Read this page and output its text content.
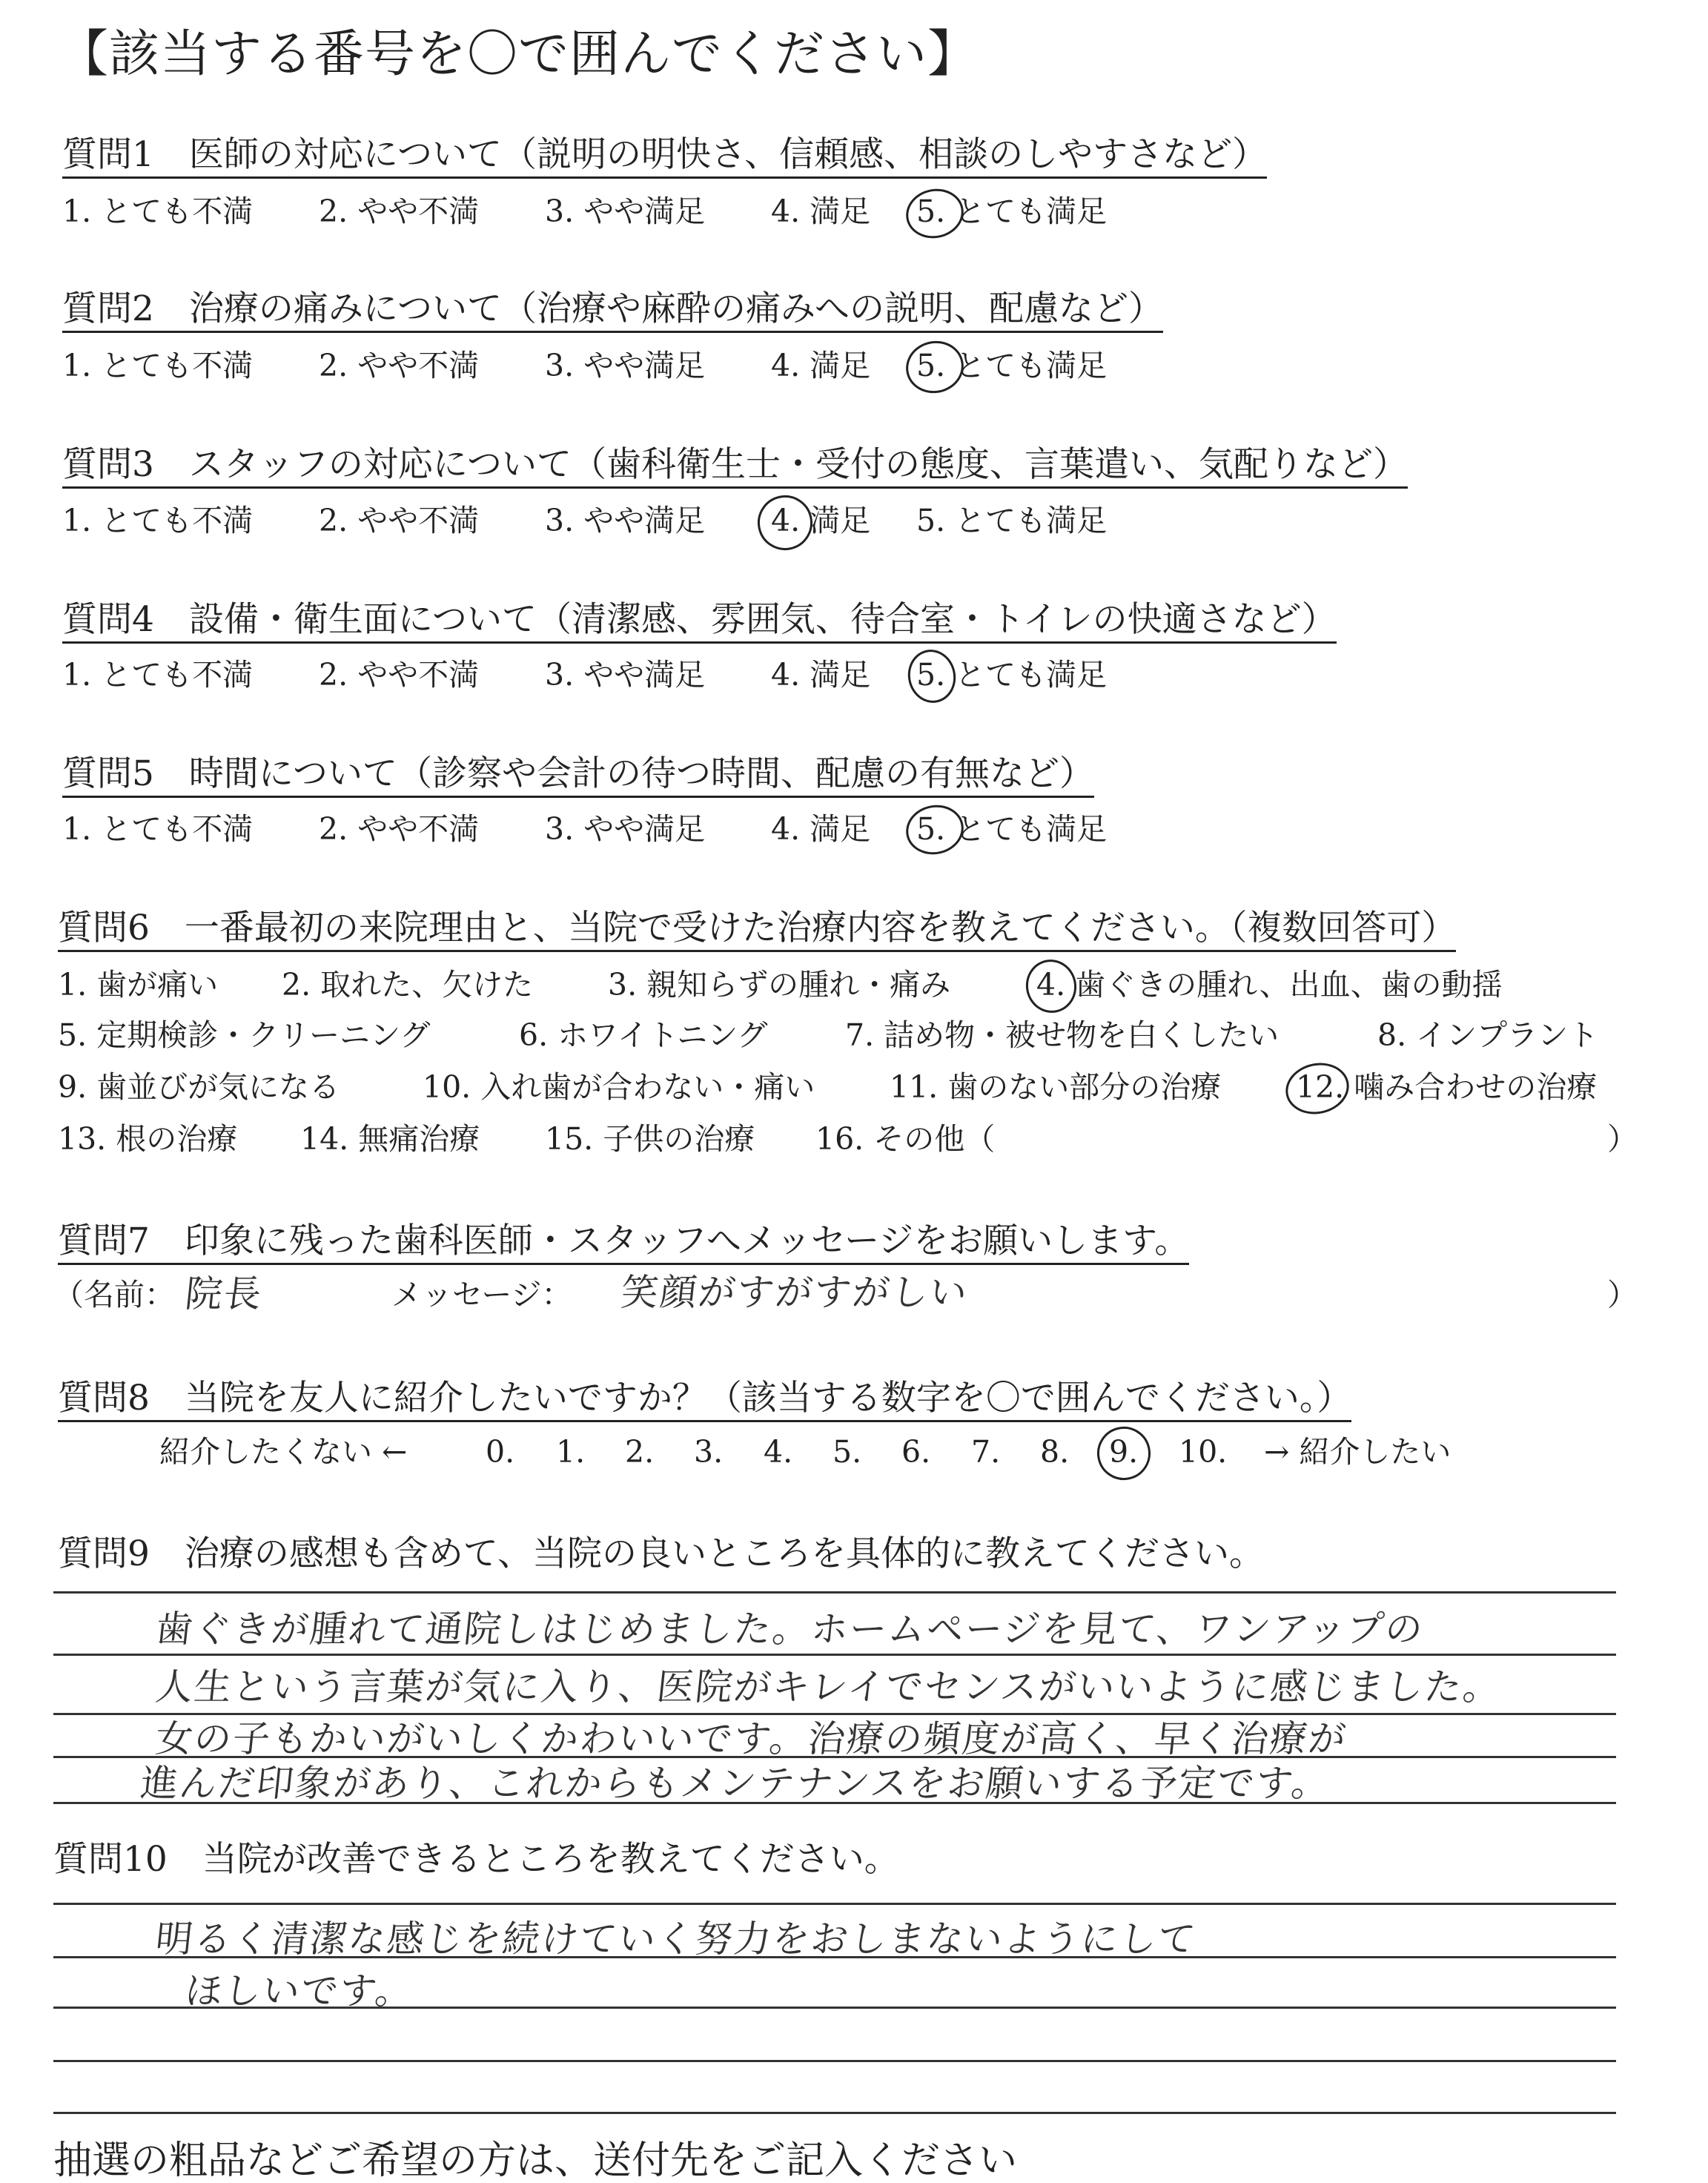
【該当する番号を〇で囲んでください】
質問1　医師の対応について（説明の明快さ、信頼感、相談のしやすさなど）
1. とても不満 2. やや不満 3. やや満足 4. 満足 5. とても満足
質問2　治療の痛みについて（治療や麻酔の痛みへの説明、配慮など）
1. とても不満 2. やや不満 3. やや満足 4. 満足 5. とても満足
質問3　スタッフの対応について（歯科衛生士・受付の態度、言葉遣い、気配りなど）
1. とても不満 2. やや不満 3. やや満足 4. 満足 5. とても満足
質問4　設備・衛生面について（清潔感、雰囲気、待合室・トイレの快適さなど）
1. とても不満 2. やや不満 3. やや満足 4. 満足 5. とても満足
質問5　時間について（診察や会計の待つ時間、配慮の有無など）
1. とても不満 2. やや不満 3. やや満足 4. 満足 5. とても満足
質問6　一番最初の来院理由と、当院で受けた治療内容を教えてください。（複数回答可）
1. 歯が痛い 2. 取れた、欠けた 3. 親知らずの腫れ・痛み	4. 歯ぐきの腫れ、出血、歯の動揺
5. 定期検診・クリーニング	6. ホワイトニング	7. 詰め物・被せ物を白くしたい	8. インプラント
9. 歯並びが気になる	10. 入れ歯が合わない・痛い 11. 歯のない部分の治療 12. 噛み合わせの治療
13. 根の治療 14. 無痛治療 15. 子供の治療 16. その他（	）
質問7　印象に残った歯科医師・スタッフへメッセージをお願いします。
（名前： 院長	メッセージ： 笑顔がすがすがしい	）
質問8　当院を友人に紹介したいですか？（該当する数字を〇で囲んでください。）
紹介したくない ←	0. 1. 2. 3. 4. 5. 6. 7. 8. 9. 10. → 紹介したい
質問9　治療の感想も含めて、当院の良いところを具体的に教えてください。
歯ぐきが腫れて通院しはじめました。ホームページを見て、ワンアップの
人生という言葉が気に入り、医院がキレイでセンスがいいように感じました。
女の子もかいがいしくかわいいです。治療の頻度が高く、早く治療が
進んだ印象があり、これからもメンテナンスをお願いする予定です。
質問10　当院が改善できるところを教えてください。
明るく清潔な感じを続けていく努力をおしまないようにして
ほしいです。
抽選の粗品などご希望の方は、送付先をご記入ください
